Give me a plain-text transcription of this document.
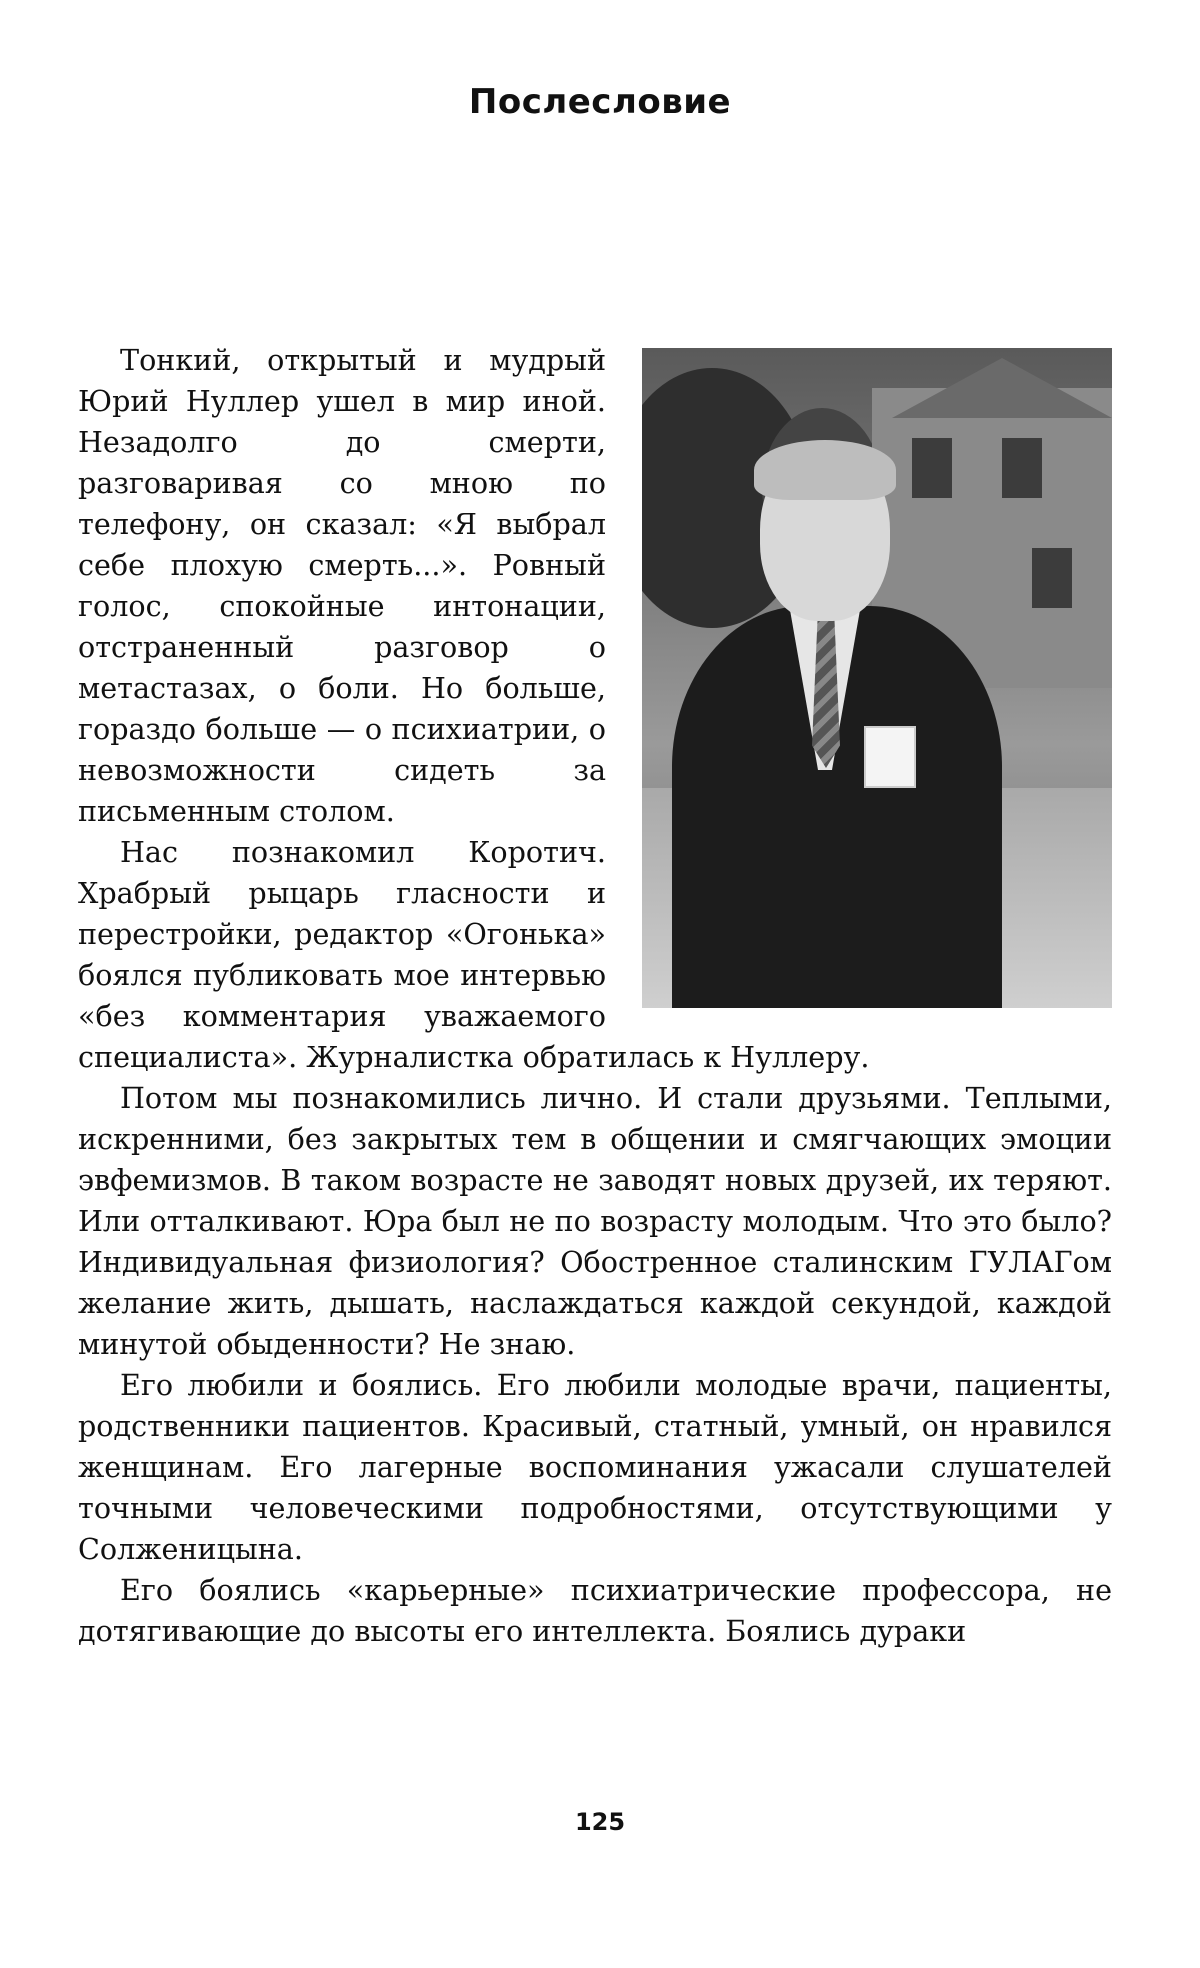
Послесловие

Тонкий, открытый и мудрый Юрий Нуллер ушел в мир иной. Незадолго до смерти, разговаривая со мною по телефону, он сказал: «Я выбрал себе плохую смерть...». Ровный голос, спокойные интонации, отстраненный разговор о метастазах, о боли. Но больше, гораздо больше — о психиатрии, о невозможности сидеть за письменным столом.

Нас познакомил Коротич. Храбрый рыцарь гласности и перестройки, редактор «Огонька» боялся публиковать мое интервью «без комментария уважаемого специалиста». Журналистка обратилась к Нуллеру.

Потом мы познакомились лично. И стали друзьями. Теплыми, искренними, без закрытых тем в общении и смягчающих эмоции эвфемизмов. В таком возрасте не заводят новых друзей, их теряют. Или отталкивают. Юра был не по возрасту молодым. Что это было? Индивидуальная физиология? Обостренное сталинским ГУЛАГом желание жить, дышать, наслаждаться каждой секундой, каждой минутой обыденности? Не знаю.

Его любили и боялись. Его любили молодые врачи, пациенты, родственники пациентов. Красивый, статный, умный, он нравился женщинам. Его лагерные воспоминания ужасали слушателей точными человеческими подробностями, отсутствующими у Солженицына.

Его боялись «карьерные» психиатрические профессора, не дотягивающие до высоты его интеллекта. Боялись дураки

125
